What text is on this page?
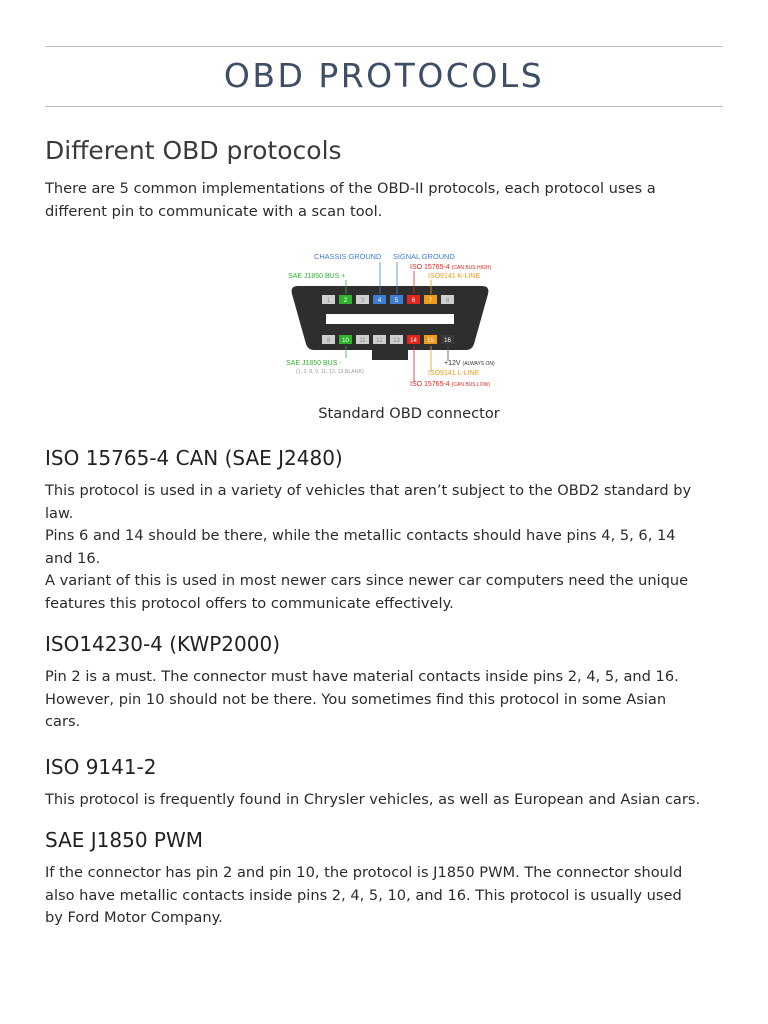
OBD PROTOCOLS
Different OBD protocols

There are 5 common implementations of the OBD-II protocols, each protocol uses a different pin to communicate with a scan tool.

1 2 3 4 5 6 7 8
9 10 11 12 13 14 15 16
CHASSIS GROUND SIGNAL GROUND
ISO 15765-4 (CAN BUS HIGH)
ISO9141 K-LINE
SAE J1850 BUS +
SAE J1850 BUS -
(1, 3, 8, 9, 11, 12, 13 BLANK)
+12V (ALWAYS ON)
ISO9141 L-LINE
ISO 15765-4 (CAN BUS LOW)
Standard OBD connector
ISO 15765-4 CAN (SAE J2480)
This protocol is used in a variety of vehicles that aren’t subject to the OBD2 standard by
law.
Pins 6 and 14 should be there, while the metallic contacts should have pins 4, 5, 6, 14
and 16.
A variant of this is used in most newer cars since newer car computers need the unique
features this protocol offers to communicate effectively.
ISO14230-4 (KWP2000)
Pin 2 is a must. The connector must have material contacts inside pins 2, 4, 5, and 16.
However, pin 10 should not be there. You sometimes find this protocol in some Asian
cars.
ISO 9141-2
This protocol is frequently found in Chrysler vehicles, as well as European and Asian cars.
SAE J1850 PWM
If the connector has pin 2 and pin 10, the protocol is J1850 PWM. The connector should
also have metallic contacts inside pins 2, 4, 5, 10, and 16. This protocol is usually used
by Ford Motor Company.
